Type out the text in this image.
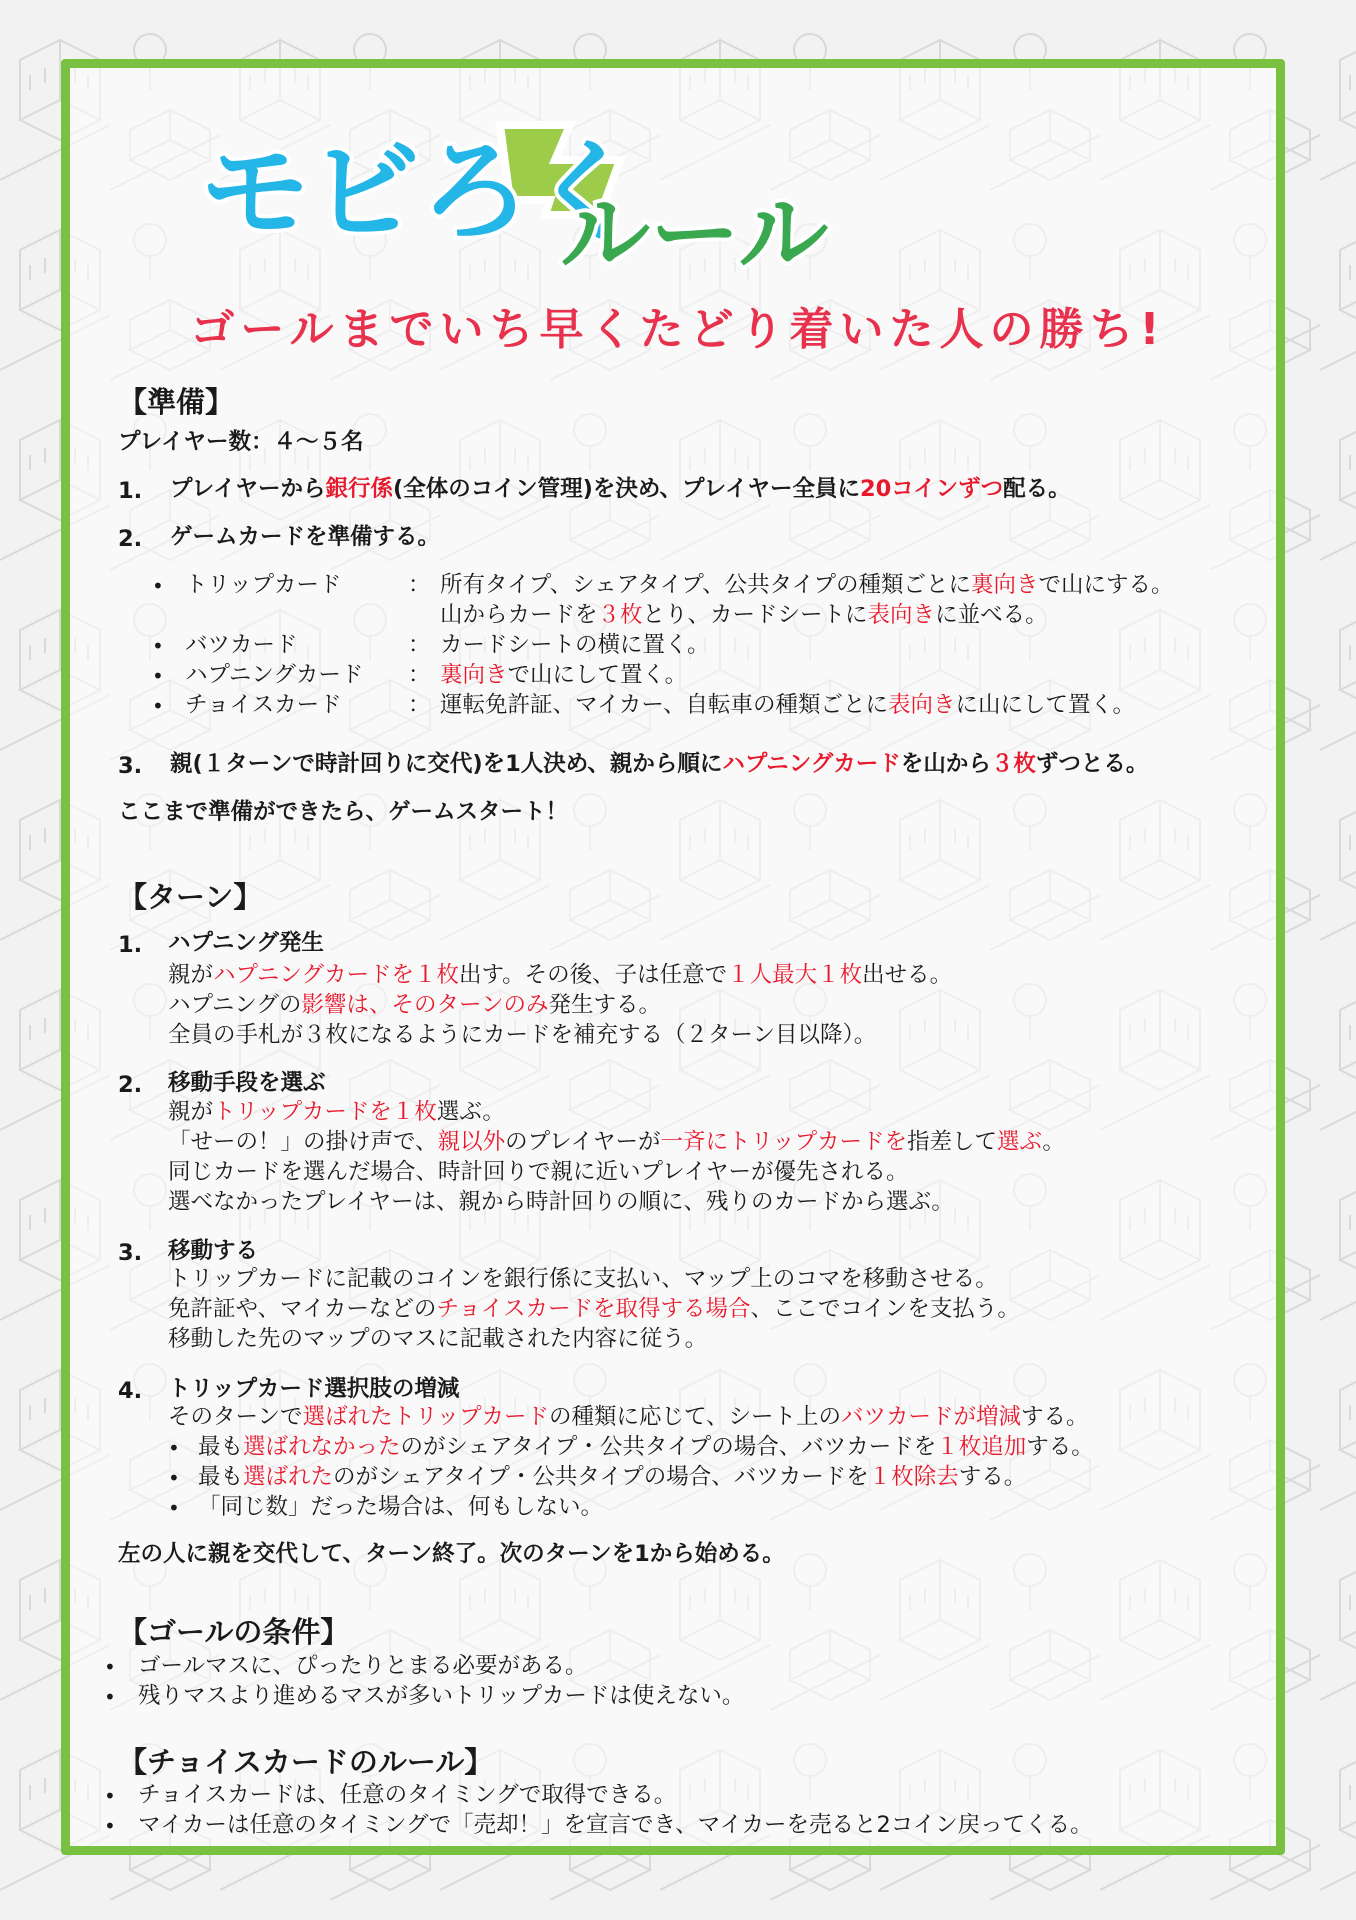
モビろく
ルール
ゴールまでいち早くたどり着いた人の勝ち!
【準備】
プレイヤー数：４～５名
1. プレイヤーから銀行係(全体のコイン管理)を決め、プレイヤー全員に20コインずつ配る。
2. ゲームカードを準備する。
• トリップカード	： 所有タイプ、シェアタイプ、公共タイプの種類ごとに裏向きで山にする。
山からカードを３枚とり、カードシートに表向きに並べる。
• バツカード	： カードシートの横に置く。
• ハプニングカード ： 裏向きで山にして置く。
• チョイスカード	： 運転免許証、マイカー、自転車の種類ごとに表向きに山にして置く。
3. 親(１ターンで時計回りに交代)を1人決め、親から順にハプニングカードを山から３枚ずつとる。
ここまで準備ができたら、ゲームスタート！
【ターン】
1. ハプニング発生
親がハプニングカードを１枚出す。その後、子は任意で１人最大１枚出せる。
ハプニングの影響は、そのターンのみ発生する。
全員の手札が３枚になるようにカードを補充する（２ターン目以降）。
2. 移動手段を選ぶ
親がトリップカードを１枚選ぶ。
「せーの！」の掛け声で、親以外のプレイヤーが一斉にトリップカードを指差して選ぶ。
同じカードを選んだ場合、時計回りで親に近いプレイヤーが優先される。
選べなかったプレイヤーは、親から時計回りの順に、残りのカードから選ぶ。
3. 移動する
トリップカードに記載のコインを銀行係に支払い、マップ上のコマを移動させる。
免許証や、マイカーなどのチョイスカードを取得する場合、ここでコインを支払う。
移動した先のマップのマスに記載された内容に従う。
4. トリップカード選択肢の増減
そのターンで選ばれたトリップカードの種類に応じて、シート上のバツカードが増減する。
• 最も選ばれなかったのがシェアタイプ・公共タイプの場合、バツカードを１枚追加する。
• 最も選ばれたのがシェアタイプ・公共タイプの場合、バツカードを１枚除去する。
• 「同じ数」だった場合は、何もしない。
左の人に親を交代して、ターン終了。次のターンを1から始める。
【ゴールの条件】
• ゴールマスに、ぴったりとまる必要がある。
• 残りマスより進めるマスが多いトリップカードは使えない。
【チョイスカードのルール】
• チョイスカードは、任意のタイミングで取得できる。
• マイカーは任意のタイミングで「売却！」を宣言でき、マイカーを売ると2コイン戻ってくる。
